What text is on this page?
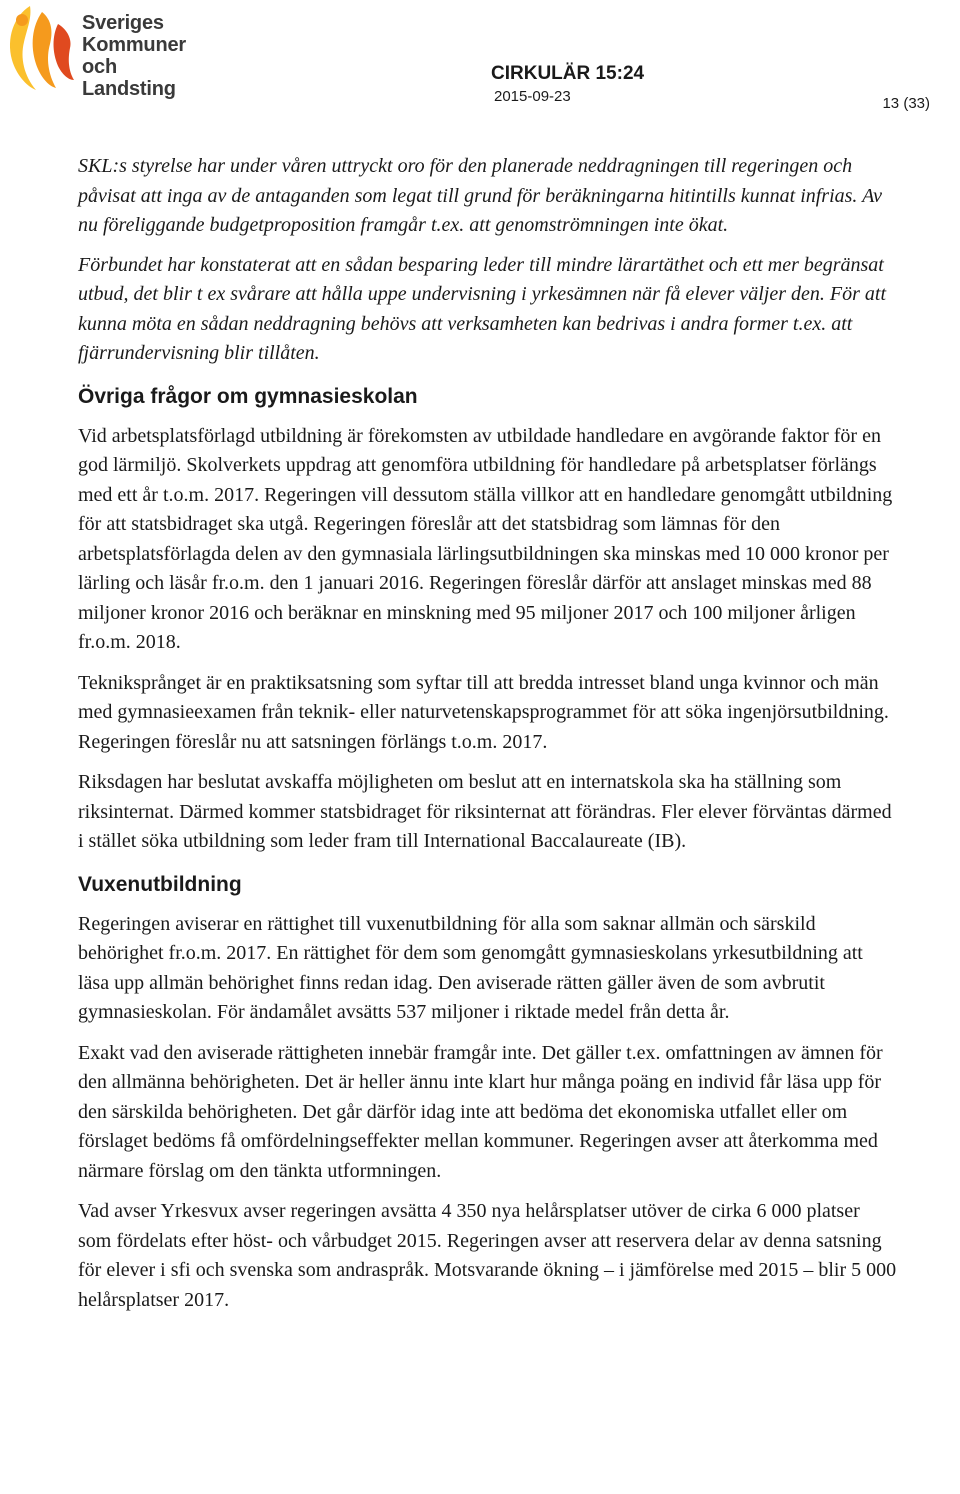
Sveriges
Kommuner
och Landsting
CIRKULÄR 15:24
2015-09-23	13 (33)

SKL:s styrelse har under våren uttryckt oro för den planerade neddragningen till regeringen och påvisat att inga av de antaganden som legat till grund för beräkningarna hitintills kunnat infrias. Av nu föreliggande budgetproposition framgår t.ex. att genomströmningen inte ökat.

Förbundet har konstaterat att en sådan besparing leder till mindre lärartäthet och ett mer begränsat utbud, det blir t ex svårare att hålla uppe undervisning i yrkesämnen när få elever väljer den. För att kunna möta en sådan neddragning behövs att verksamheten kan bedrivas i andra former t.ex. att fjärrundervisning blir tillåten.

Övriga frågor om gymnasieskolan

Vid arbetsplatsförlagd utbildning är förekomsten av utbildade handledare en avgörande faktor för en god lärmiljö. Skolverkets uppdrag att genomföra utbildning för handledare på arbetsplatser förlängs med ett år t.o.m. 2017. Regeringen vill dessutom ställa villkor att en handledare genomgått utbildning för att statsbidraget ska utgå. Regeringen föreslår att det statsbidrag som lämnas för den arbetsplatsförlagda delen av den gymnasiala lärlingsutbildningen ska minskas med 10 000 kronor per lärling och läsår fr.o.m. den 1 januari 2016. Regeringen föreslår därför att anslaget minskas med 88 miljoner kronor 2016 och beräknar en minskning med 95 miljoner 2017 och 100 miljoner årligen fr.o.m. 2018.

Tekniksprånget är en praktiksatsning som syftar till att bredda intresset bland unga kvinnor och män med gymnasieexamen från teknik- eller naturvetenskapsprogrammet för att söka ingenjörsutbildning. Regeringen föreslår nu att satsningen förlängs t.o.m. 2017.

Riksdagen har beslutat avskaffa möjligheten om beslut att en internatskola ska ha ställning som riksinternat. Därmed kommer statsbidraget för riksinternat att förändras. Fler elever förväntas därmed i stället söka utbildning som leder fram till International Baccalaureate (IB).

Vuxenutbildning

Regeringen aviserar en rättighet till vuxenutbildning för alla som saknar allmän och särskild behörighet fr.o.m. 2017. En rättighet för dem som genomgått gymnasieskolans yrkesutbildning att läsa upp allmän behörighet finns redan idag. Den aviserade rätten gäller även de som avbrutit gymnasieskolan. För ändamålet avsätts 537 miljoner i riktade medel från detta år.

Exakt vad den aviserade rättigheten innebär framgår inte. Det gäller t.ex. omfattningen av ämnen för den allmänna behörigheten. Det är heller ännu inte klart hur många poäng en individ får läsa upp för den särskilda behörigheten. Det går därför idag inte att bedöma det ekonomiska utfallet eller om förslaget bedöms få omfördelningseffekter mellan kommuner. Regeringen avser att återkomma med närmare förslag om den tänkta utformningen.

Vad avser Yrkesvux avser regeringen avsätta 4 350 nya helårsplatser utöver de cirka 6 000 platser som fördelats efter höst- och vårbudget 2015. Regeringen avser att reservera delar av denna satsning för elever i sfi och svenska som andraspråk. Motsvarande ökning – i jämförelse med 2015 – blir 5 000 helårsplatser 2017.
